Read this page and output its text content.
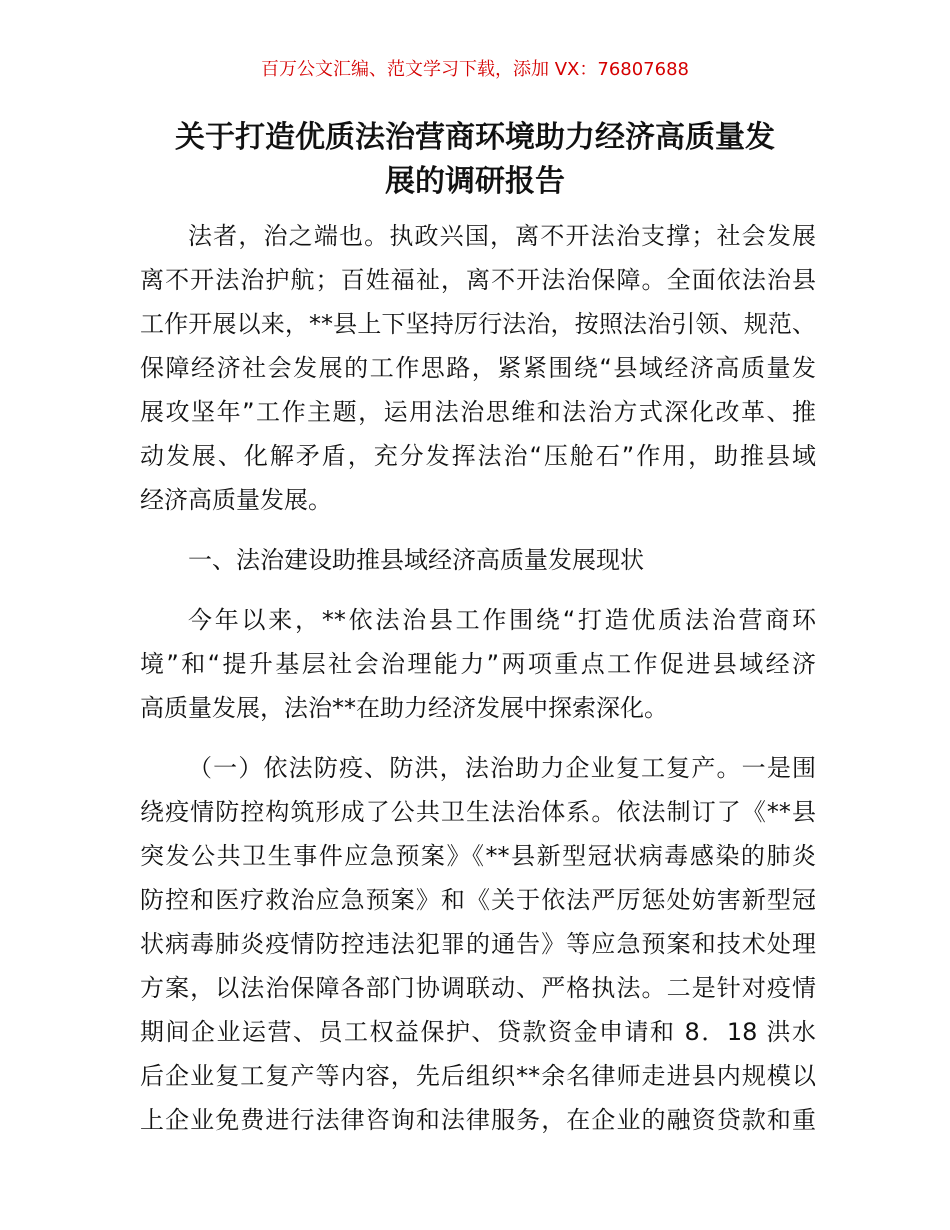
百万公文汇编、范文学习下载，添加 VX：76807688
关于打造优质法治营商环境助力经济高质量发
展的调研报告
法者，治之端也。执政兴国，离不开法治支撑；社会发展
离不开法治护航；百姓福祉，离不开法治保障。全面依法治县
工作开展以来，**县上下坚持厉行法治，按照法治引领、规范、
保障经济社会发展的工作思路，紧紧围绕“县域经济高质量发
展攻坚年”工作主题，运用法治思维和法治方式深化改革、推
动发展、化解矛盾，充分发挥法治“压舱石”作用，助推县域
经济高质量发展。
一、法治建设助推县域经济高质量发展现状
今年以来，**依法治县工作围绕“打造优质法治营商环
境”和“提升基层社会治理能力”两项重点工作促进县域经济
高质量发展，法治**在助力经济发展中探索深化。
（一）依法防疫、防洪，法治助力企业复工复产。一是围
绕疫情防控构筑形成了公共卫生法治体系。依法制订了《**县
突发公共卫生事件应急预案》《**县新型冠状病毒感染的肺炎
防控和医疗救治应急预案》和《关于依法严厉惩处妨害新型冠
状病毒肺炎疫情防控违法犯罪的通告》等应急预案和技术处理
方案，以法治保障各部门协调联动、严格执法。二是针对疫情
期间企业运营、员工权益保护、贷款资金申请和 8．18 洪水
后企业复工复产等内容，先后组织**余名律师走进县内规模以
上企业免费进行法律咨询和法律服务，在企业的融资贷款和重
